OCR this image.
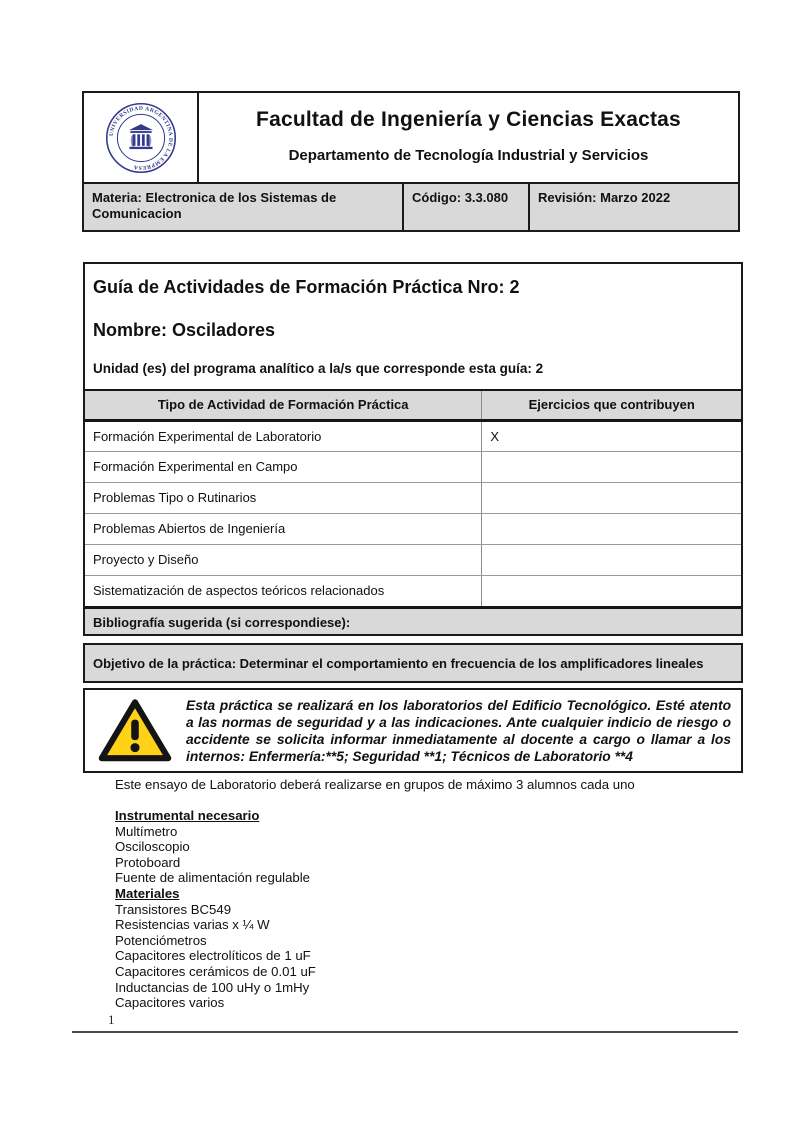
UNIVERSIDAD ARGENTINA DE LA EMPRESA
Facultad de Ingeniería y Ciencias Exactas
Departamento de Tecnología Industrial y Servicios
Materia: Electronica de los Sistemas de Comunicacion
Código: 3.3.080	Revisión: Marzo 2022
Guía de Actividades de Formación Práctica Nro: 2
Nombre: Osciladores
Unidad (es) del programa analítico a la/s que corresponde esta guía: 2
Tipo de Actividad de Formación Práctica	Ejercicios que contribuyen
Formación Experimental de Laboratorio	X
Formación Experimental en Campo	
Problemas Tipo o Rutinarios	
Problemas Abiertos de Ingeniería	
Proyecto y Diseño	
Sistematización de aspectos teóricos relacionados	
Bibliografía sugerida (si correspondiese):
Objetivo de la práctica: Determinar el comportamiento en frecuencia de los amplificadores lineales
Esta práctica se realizará en los laboratorios del Edificio Tecnológico. Esté atento a las normas de seguridad y a las indicaciones. Ante cualquier indicio de riesgo o accidente se solicita informar inmediatamente al docente a cargo o llamar a los internos: Enfermería:**5; Seguridad **1; Técnicos de Laboratorio **4
Este ensayo de Laboratorio deberá realizarse en grupos de máximo 3 alumnos cada uno
Instrumental necesario
Multímetro
Osciloscopio
Protoboard
Fuente de alimentación regulable
Materiales
Transistores BC549
Resistencias varias x ¼ W
Potenciómetros
Capacitores electrolíticos de 1 uF
Capacitores cerámicos de 0.01 uF
Inductancias de 100 uHy o 1mHy
Capacitores varios
1
